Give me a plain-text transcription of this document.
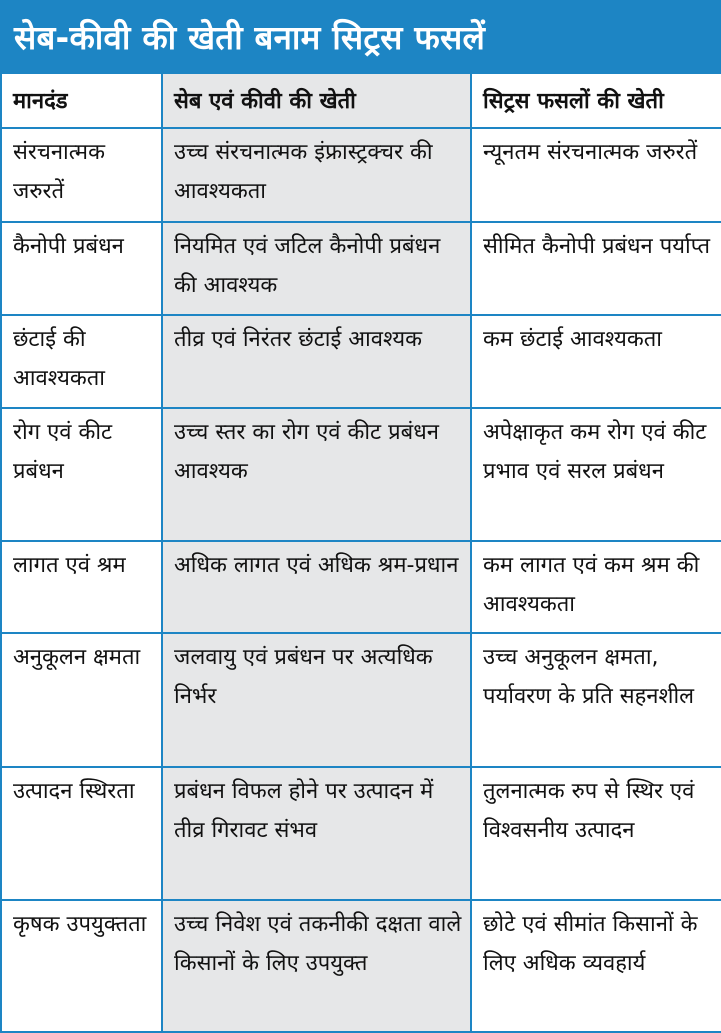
सेब-कीवी की खेती बनाम सिट्रस फसलें
मानदंड	सेब एवं कीवी की खेती	सिट्रस फसलों की खेती
संरचनात्मक जरुरतें	उच्च संरचनात्मक इंफ्रास्ट्रक्चर की आवश्यकता	न्यूनतम संरचनात्मक जरुरतें
कैनोपी प्रबंधन	नियमित एवं जटिल कैनोपी प्रबंधन की आवश्यक	सीमित कैनोपी प्रबंधन पर्याप्त
छंटाई की आवश्यकता	तीव्र एवं निरंतर छंटाई आवश्यक	कम छंटाई आवश्यकता
रोग एवं कीट प्रबंधन	उच्च स्तर का रोग एवं कीट प्रबंधन आवश्यक	अपेक्षाकृत कम रोग एवं कीट प्रभाव एवं सरल प्रबंधन
लागत एवं श्रम	अधिक लागत एवं अधिक श्रम-प्रधान	कम लागत एवं कम श्रम की आवश्यकता
अनुकूलन क्षमता	जलवायु एवं प्रबंधन पर अत्यधिक निर्भर	उच्च अनुकूलन क्षमता, पर्यावरण के प्रति सहनशील
उत्पादन स्थिरता	प्रबंधन विफल होने पर उत्पादन में तीव्र गिरावट संभव	तुलनात्मक रुप से स्थिर एवं विश्वसनीय उत्पादन
कृषक उपयुक्तता	उच्च निवेश एवं तकनीकी दक्षता वाले किसानों के लिए उपयुक्त	छोटे एवं सीमांत किसानों के लिए अधिक व्यवहार्य
